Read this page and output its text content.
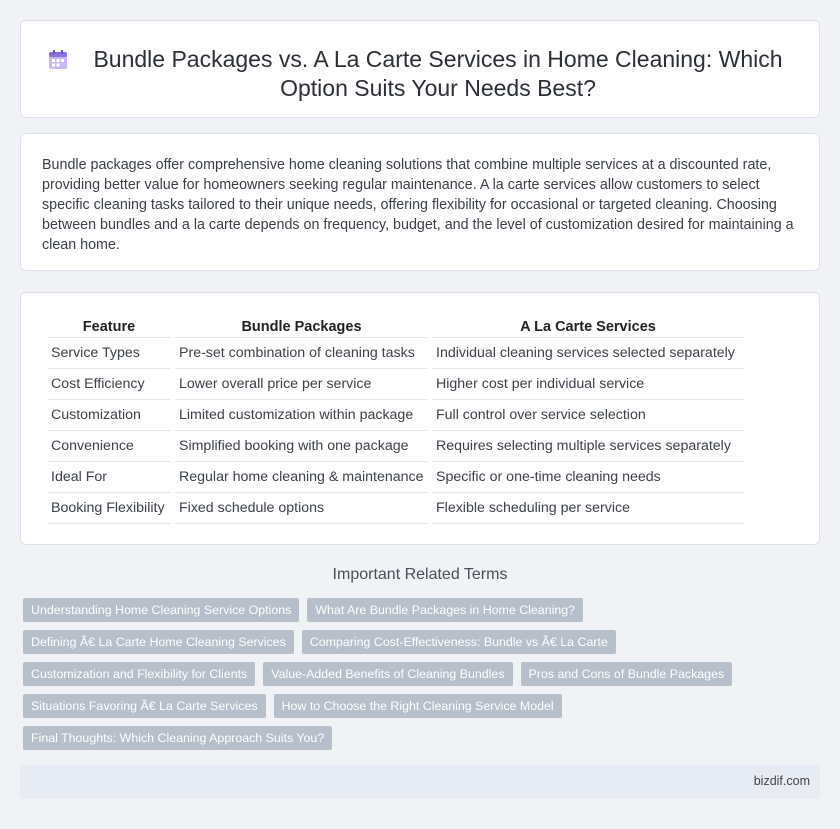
Bundle Packages vs. A La Carte Services in Home Cleaning: Which Option Suits Your Needs Best?

Bundle packages offer comprehensive home cleaning solutions that combine multiple services at a discounted rate, providing better value for homeowners seeking regular maintenance. A la carte services allow customers to select specific cleaning tasks tailored to their unique needs, offering flexibility for occasional or targeted cleaning. Choosing between bundles and a la carte depends on frequency, budget, and the level of customization desired for maintaining a clean home.

Feature	Bundle Packages	A La Carte Services
Service Types	Pre-set combination of cleaning tasks	Individual cleaning services selected separately
Cost Efficiency	Lower overall price per service	Higher cost per individual service
Customization	Limited customization within package	Full control over service selection
Convenience	Simplified booking with one package	Requires selecting multiple services separately
Ideal For	Regular home cleaning & maintenance	Specific or one-time cleaning needs
Booking Flexibility	Fixed schedule options	Flexible scheduling per service
Important Related Terms
Understanding Home Cleaning Service Options	What Are Bundle Packages in Home Cleaning?
Defining Ã€ La Carte Home Cleaning Services	Comparing Cost-Effectiveness: Bundle vs Ã€ La Carte
Customization and Flexibility for Clients	Value-Added Benefits of Cleaning Bundles	Pros and Cons of Bundle Packages
Situations Favoring Ã€ La Carte Services	How to Choose the Right Cleaning Service Model
Final Thoughts: Which Cleaning Approach Suits You?
bizdif.com
